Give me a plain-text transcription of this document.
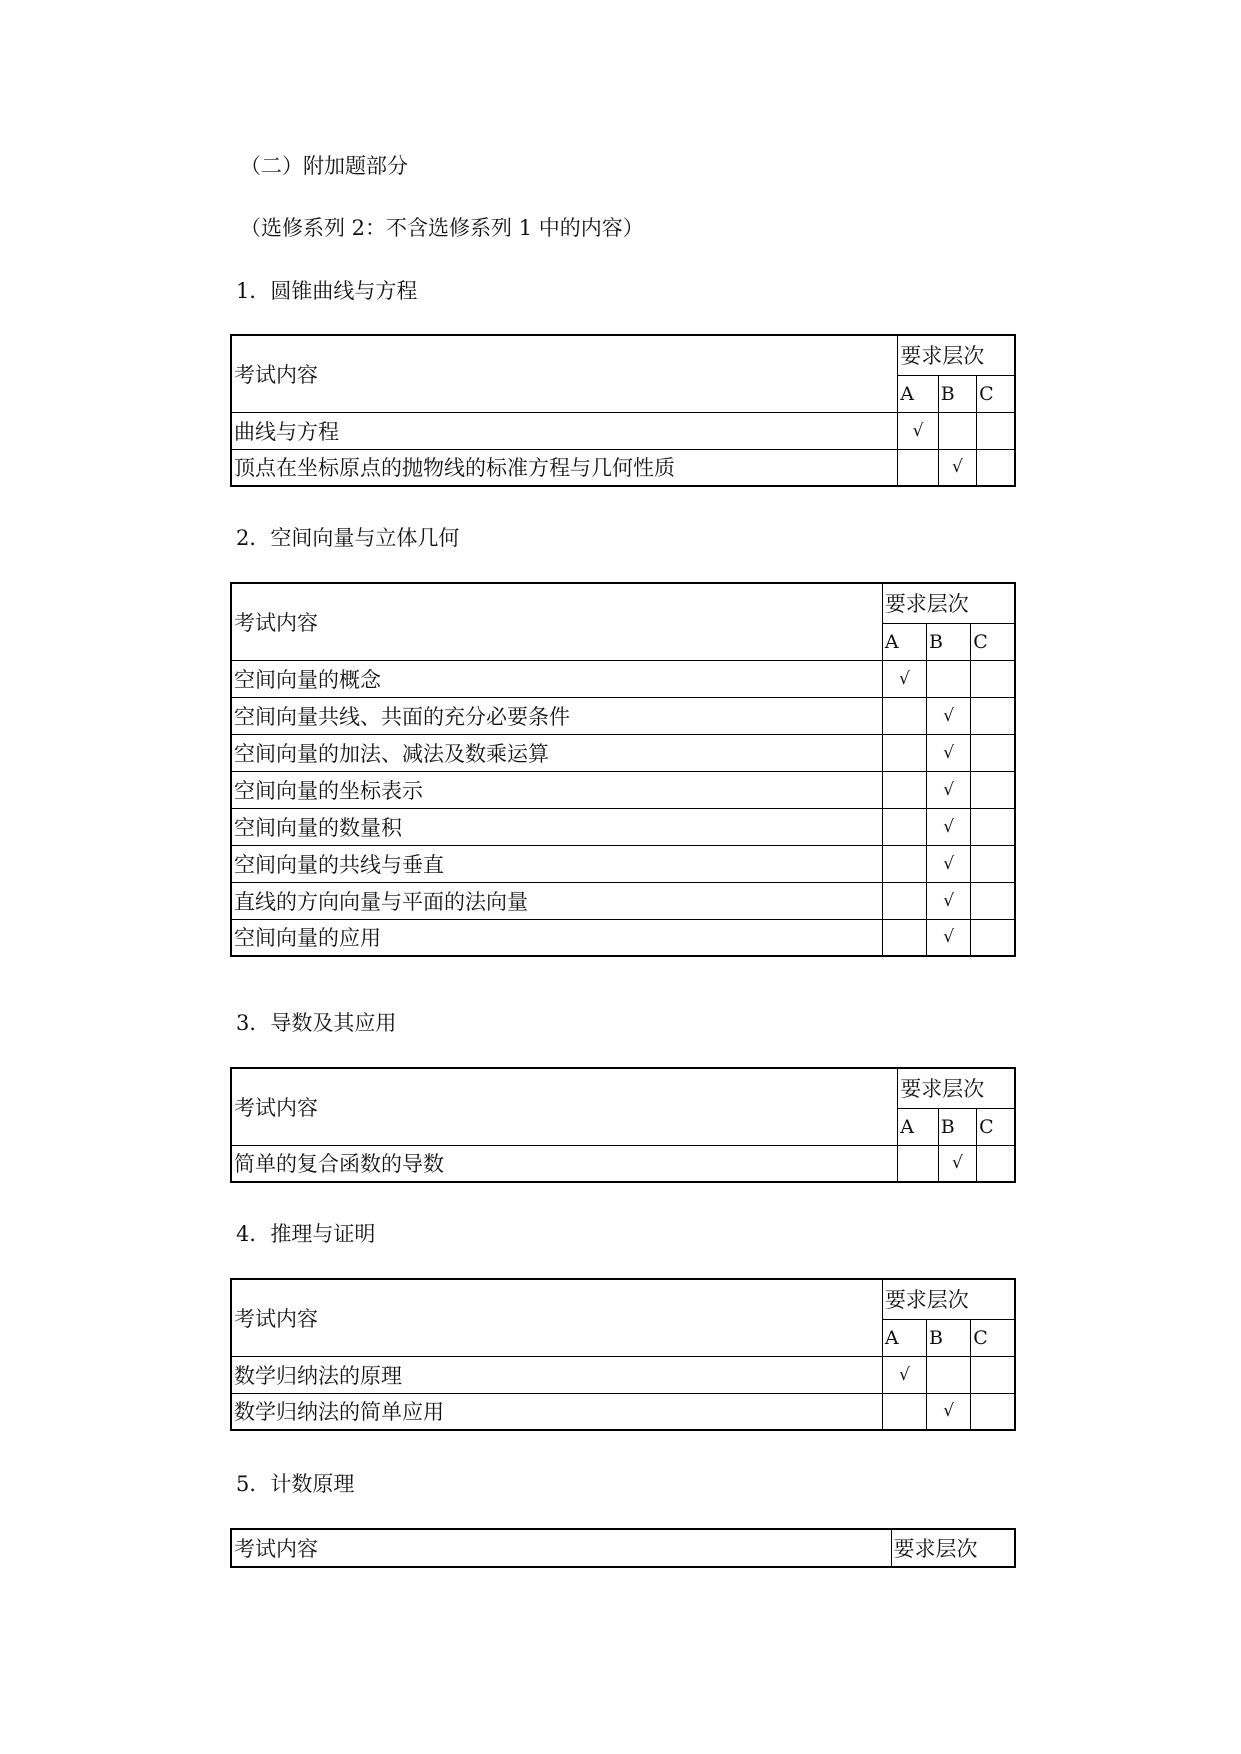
（二）附加题部分
（选修系列 2：不含选修系列 1 中的内容）
1．圆锥曲线与方程
考试内容	要求层次		
	A	B	C
曲线与方程	√		
顶点在坐标原点的抛物线的标准方程与几何性质		√	
2．空间向量与立体几何
考试内容	要求层次		
	A	B	C
空间向量的概念	√		
空间向量共线、共面的充分必要条件		√	
空间向量的加法、减法及数乘运算		√	
空间向量的坐标表示		√	
空间向量的数量积		√	
空间向量的共线与垂直		√	
直线的方向向量与平面的法向量		√	
空间向量的应用		√	
3．导数及其应用
考试内容	要求层次		
	A	B	C
简单的复合函数的导数		√	
4．推理与证明
考试内容	要求层次		
	A	B	C
数学归纳法的原理	√		
数学归纳法的简单应用		√	
5．计数原理
考试内容	要求层次
